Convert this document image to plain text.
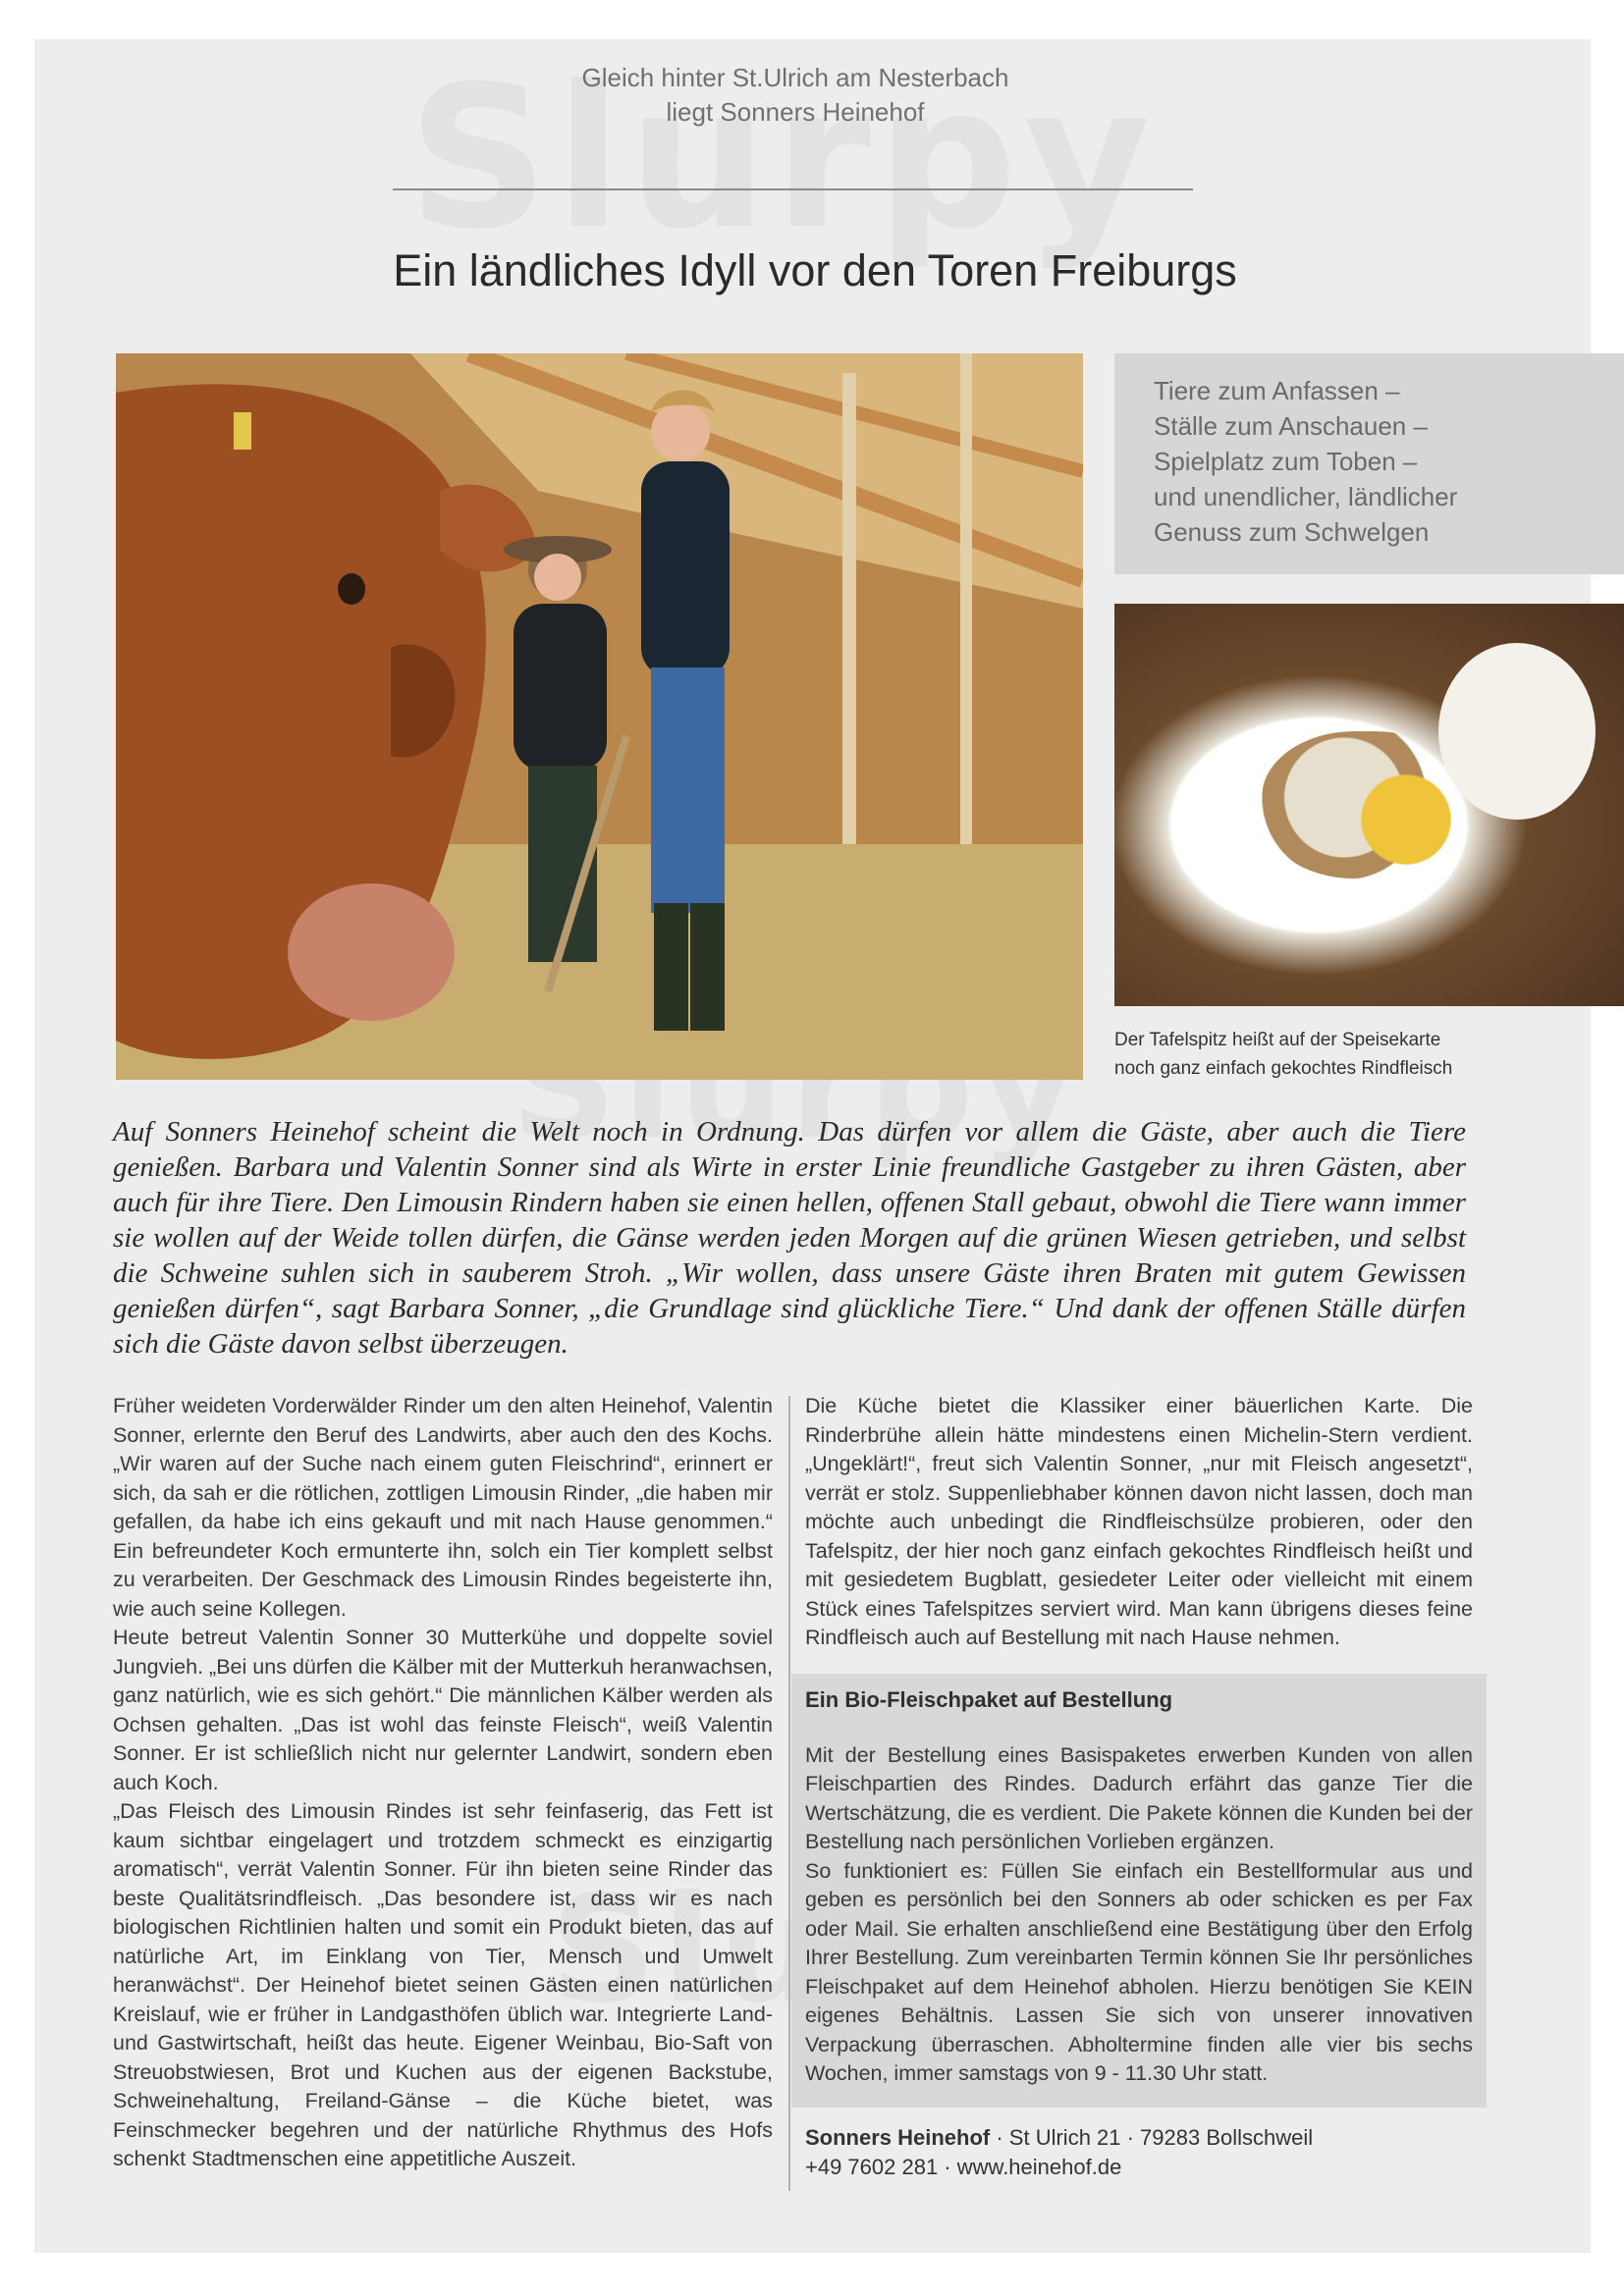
Gleich hinter St.Ulrich am Nesterbach
liegt Sonners Heinehof
Ein ländliches Idyll vor den Toren Freiburgs
Tiere zum Anfassen –
Ställe zum Anschauen –
Spielplatz zum Toben –
und unendlicher, ländlicher
Genuss zum Schwelgen
Der Tafelspitz heißt auf der Speisekarte
noch ganz einfach gekochtes Rindfleisch
Auf Sonners Heinehof scheint die Welt noch in Ordnung. Das dürfen vor allem die Gäste, aber auch die Tiere genießen. Barbara und Valentin Sonner sind als Wirte in erster Linie freundliche Gastgeber zu ihren Gästen, aber auch für ihre Tiere. Den Limousin Rindern haben sie einen hellen, offenen Stall gebaut, obwohl die Tiere wann immer sie wollen auf der Weide tollen dürfen, die Gänse werden jeden Morgen auf die grünen Wiesen getrieben, und selbst die Schweine suhlen sich in sauberem Stroh. „Wir wollen, dass unsere Gäste ihren Braten mit gutem Gewissen genießen dürfen“, sagt Barbara Sonner, „die Grundlage sind glückliche Tiere.“ Und dank der offenen Ställe dürfen sich die Gäste davon selbst überzeugen.

Früher weideten Vorderwälder Rinder um den alten Heinehof, Valentin Sonner, erlernte den Beruf des Landwirts, aber auch den des Kochs. „Wir waren auf der Suche nach einem guten Fleischrind“, erinnert er sich, da sah er die rötlichen, zottligen Limousin Rinder, „die haben mir gefallen, da habe ich eins gekauft und mit nach Hause genommen.“ Ein befreundeter Koch ermunterte ihn, solch ein Tier komplett selbst zu verarbeiten. Der Geschmack des Limousin Rindes begeisterte ihn, wie auch seine Kollegen.

Heute betreut Valentin Sonner 30 Mutterkühe und doppelte soviel Jungvieh. „Bei uns dürfen die Kälber mit der Mutterkuh heranwachsen, ganz natürlich, wie es sich gehört.“ Die männlichen Kälber werden als Ochsen gehalten. „Das ist wohl das feinste Fleisch“, weiß Valentin Sonner. Er ist schließlich nicht nur gelernter Landwirt, sondern eben auch Koch.

„Das Fleisch des Limousin Rindes ist sehr feinfaserig, das Fett ist kaum sichtbar eingelagert und trotzdem schmeckt es einzigartig aromatisch“, verrät Valentin Sonner. Für ihn bieten seine Rinder das beste Qualitätsrindfleisch. „Das besondere ist, dass wir es nach biologischen Richtlinien halten und somit ein Produkt bieten, das auf natürliche Art, im Einklang von Tier, Mensch und Umwelt heranwächst“. Der Heinehof bietet seinen Gästen einen natürlichen Kreislauf, wie er früher in Landgasthöfen üblich war. Integrierte Land- und Gastwirtschaft, heißt das heute. Eigener Weinbau, Bio-Saft von Streuobstwiesen, Brot und Kuchen aus der eigenen Backstube, Schweinehaltung, Freiland-Gänse – die Küche bietet, was Feinschmecker begehren und der natürliche Rhythmus des Hofs schenkt Stadtmenschen eine appetitliche Auszeit.

Die Küche bietet die Klassiker einer bäuerlichen Karte. Die Rinderbrühe allein hätte mindestens einen Michelin-Stern verdient. „Ungeklärt!“, freut sich Valentin Sonner, „nur mit Fleisch angesetzt“, verrät er stolz. Suppenliebhaber können davon nicht lassen, doch man möchte auch unbedingt die Rindfleischsülze probieren, oder den Tafelspitz, der hier noch ganz einfach gekochtes Rindfleisch heißt und mit gesiedetem Bugblatt, gesiedeter Leiter oder vielleicht mit einem Stück eines Tafelspitzes serviert wird. Man kann übrigens dieses feine Rindfleisch auch auf Bestellung mit nach Hause nehmen.

Ein Bio-Fleischpaket auf Bestellung

Mit der Bestellung eines Basispaketes erwerben Kunden von allen Fleischpartien des Rindes. Dadurch erfährt das ganze Tier die Wertschätzung, die es verdient. Die Pakete können die Kunden bei der Bestellung nach persönlichen Vorlieben ergänzen.

So funktioniert es: Füllen Sie einfach ein Bestellformular aus und geben es persönlich bei den Sonners ab oder schicken es per Fax oder Mail. Sie erhalten anschließend eine Bestätigung über den Erfolg Ihrer Bestellung. Zum vereinbarten Termin können Sie Ihr persönliches Fleischpaket auf dem Heinehof abholen. Hierzu benötigen Sie KEIN eigenes Behältnis. Lassen Sie sich von unserer innovativen Verpackung überraschen. Abholtermine finden alle vier bis sechs Wochen, immer samstags von 9 - 11.30 Uhr statt.

Sonners Heinehof · St Ulrich 21 · 79283 Bollschweil
+49 7602 281 · www.heinehof.de
